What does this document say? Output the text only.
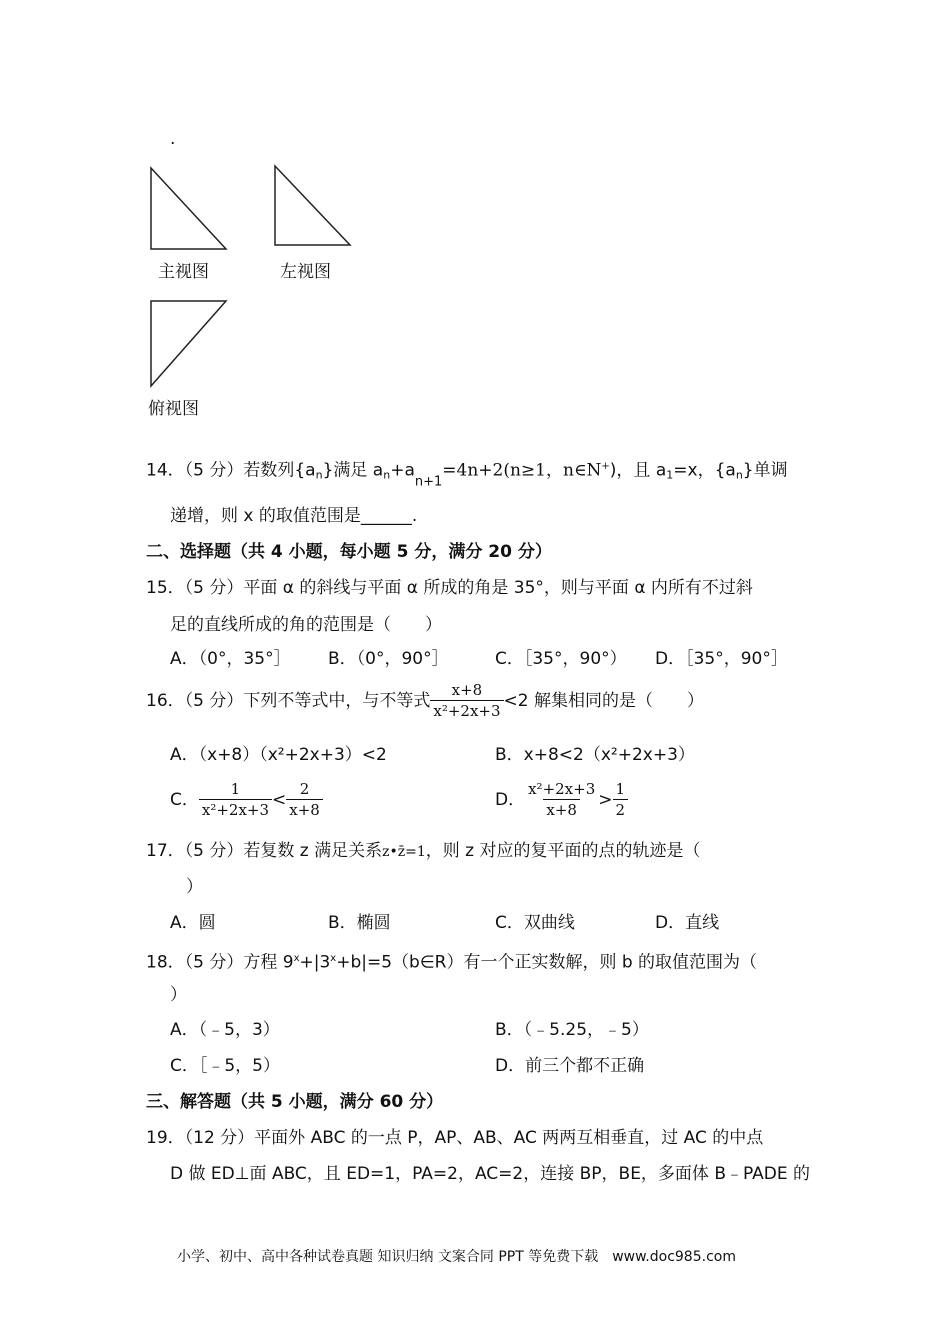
.
主视图	左视图
俯视图
14．（5 分）若数列$\{a_n\}$满足 $a_n+a_{n+1}=4n+2(n\ge 1$，n∈N+)，且 $a_1=x$，$\{a_n\}$单调
递增，则 x 的取值范围是______.
二、选择题（共 4 小题，每小题 5 分，满分 20 分）
15．（5 分）平面 α 的斜线与平面 α 所成的角是 35°，则与平面 α 内所有不过斜
足的直线所成的角的范围是（　　）
A．（0°，35°］ B．（0°，90°］	C．［35°，90°） D．［35°，90°］
16．（5 分）下列不等式中，与不等式 $\frac{x+8}{\text{x²+2x+3}} <2$ 解集相同的是（　　）
A．（x+8）（x²+2x+3）<2	B．x+8<2（x²+2x+3）
C． $\frac{1}{\text{x²+2x+3}} < \frac{2}{x+8}$	D． $\frac{\text{x²+2x+3}}{x+8} > \frac{1}{2}$
17．（5 分）若复数 z 满足关系z•z̄=1，则 z 对应的复平面的点的轨迹是（
）
A．圆	B．椭圆	C．双曲线	D．直线
18．（5 分）方程 $9^x+|3^x+b|=5(b\in R)$有一个正实数解，则 b 的取值范围为（
）
A．（﹣5，3）	B．（﹣5.25，﹣5）
C．［﹣5，5）	D．前三个都不正确
三、解答题（共 5 小题，满分 60 分）
19．（12 分）平面外 ABC 的一点 P，AP、AB、AC 两两互相垂直，过 AC 的中点
D 做 ED⊥面 ABC，且 ED=1，PA=2，AC=2，连接 BP，BE，多面体 B﹣PADE 的
小学、初中、高中各种试卷真题 知识归纳 文案合同 PPT 等免费下载　www.doc985.com
